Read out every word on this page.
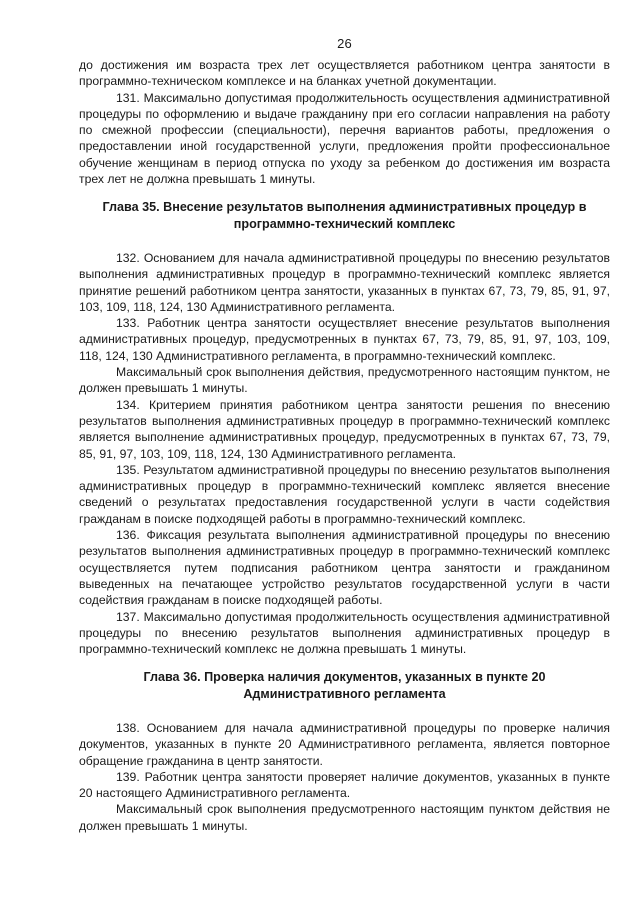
26

до достижения им возраста трех лет осуществляется работником центра занятости в программно-техническом комплексе и на бланках учетной документации.

131. Максимально допустимая продолжительность осуществления административной процедуры по оформлению и выдаче гражданину при его согласии направления на работу по смежной профессии (специальности), перечня вариантов работы, предложения о предоставлении иной государственной услуги, предложения пройти профессиональное обучение женщинам в период отпуска по уходу за ребенком до достижения им возраста трех лет не должна превышать 1 минуты.

Глава 35. Внесение результатов выполнения административных процедур в программно-технический комплекс

132. Основанием для начала административной процедуры по внесению результатов выполнения административных процедур в программно-технический комплекс является принятие решений работником центра занятости, указанных в пунктах 67, 73, 79, 85, 91, 97, 103, 109, 118, 124, 130 Административного регламента.

133. Работник центра занятости осуществляет внесение результатов выполнения административных процедур, предусмотренных в пунктах 67, 73, 79, 85, 91, 97, 103, 109, 118, 124, 130 Административного регламента, в программно-технический комплекс.

Максимальный срок выполнения действия, предусмотренного настоящим пунктом, не должен превышать 1 минуты.

134. Критерием принятия работником центра занятости решения по внесению результатов выполнения административных процедур в программно-технический комплекс является выполнение административных процедур, предусмотренных в пунктах 67, 73, 79, 85, 91, 97, 103, 109, 118, 124, 130 Административного регламента.

135. Результатом административной процедуры по внесению результатов выполнения административных процедур в программно-технический комплекс является внесение сведений о результатах предоставления государственной услуги в части содействия гражданам в поиске подходящей работы в программно-технический комплекс.

136. Фиксация результата выполнения административной процедуры по внесению результатов выполнения административных процедур в программно-технический комплекс осуществляется путем подписания работником центра занятости и гражданином выведенных на печатающее устройство результатов государственной услуги в части содействия гражданам в поиске подходящей работы.

137. Максимально допустимая продолжительность осуществления административной процедуры по внесению результатов выполнения административных процедур в программно-технический комплекс не должна превышать 1 минуты.

Глава 36. Проверка наличия документов, указанных в пункте 20 Административного регламента

138. Основанием для начала административной процедуры по проверке наличия документов, указанных в пункте 20 Административного регламента, является повторное обращение гражданина в центр занятости.

139. Работник центра занятости проверяет наличие документов, указанных в пункте 20 настоящего Административного регламента.

Максимальный срок выполнения предусмотренного настоящим пунктом действия не должен превышать 1 минуты.
